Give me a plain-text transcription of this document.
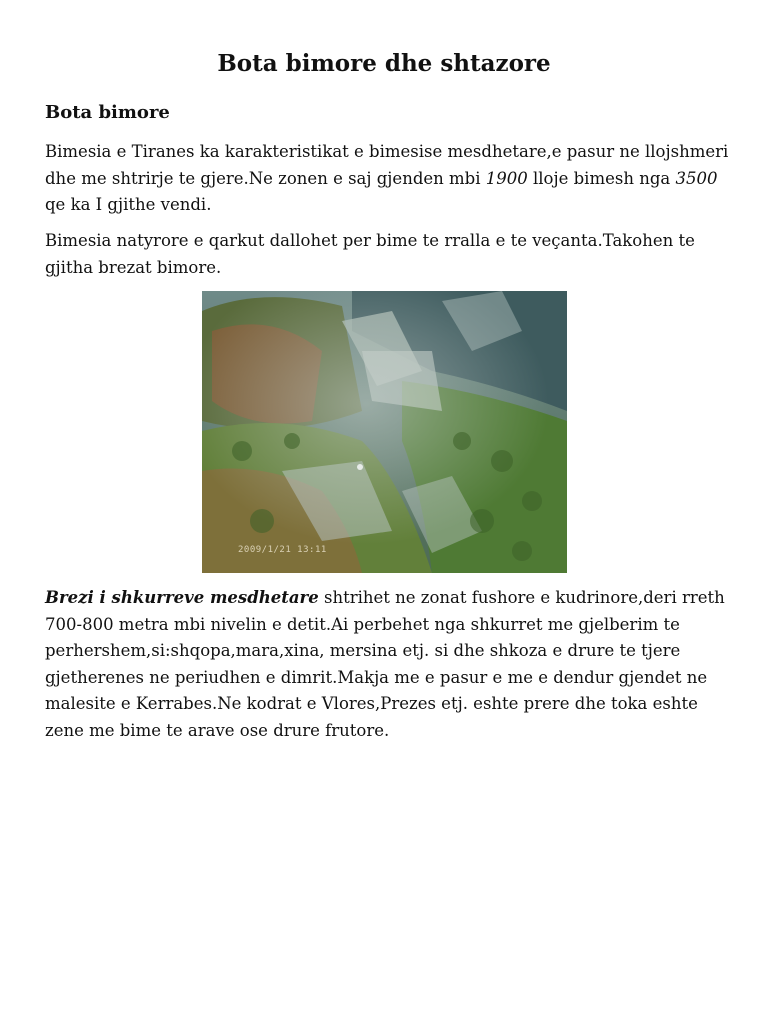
Bota bimore dhe shtazore
Bota bimore

Bimesia e Tiranes ka karakteristikat e bimesise mesdhetare,e pasur ne llojshmeri dhe me shtrirje te gjere.Ne zonen e saj gjenden mbi 1900 lloje bimesh nga 3500 qe ka I gjithe vendi.

Bimesia natyrore e qarkut dallohet per bime te rralla e te veçanta.Takohen te gjitha brezat bimore.

2009/1/21 13:11

Brezi i shkurreve mesdhetare shtrihet ne zonat fushore e kudrinore,deri rreth 700-800 metra mbi nivelin e detit.Ai perbehet nga shkurret me gjelberim te perhershem,si:shqopa,mara,xina, mersina etj. si dhe shkoza e drure te tjere gjetherenes ne periudhen e dimrit.Makja me e pasur e me e dendur gjendet ne malesite e Kerrabes.Ne kodrat e Vlores,Prezes etj. eshte prere dhe toka eshte zene me bime te arave ose drure frutore.
